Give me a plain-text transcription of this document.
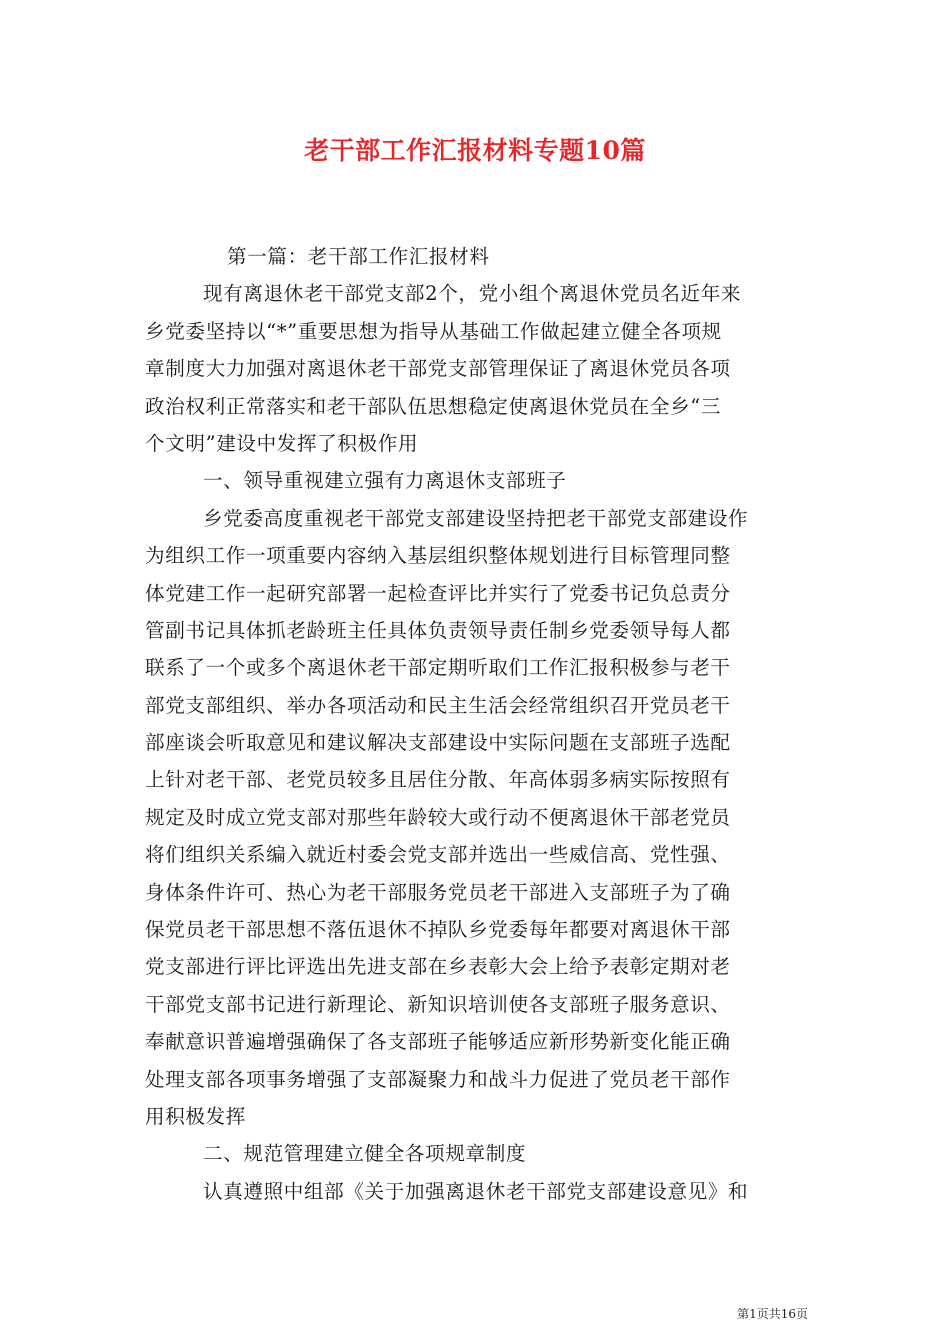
老干部工作汇报材料专题10篇
第一篇：老干部工作汇报材料
现有离退休老干部党支部2个，党小组个离退休党员名近年来
乡党委坚持以“*”重要思想为指导从基础工作做起建立健全各项规
章制度大力加强对离退休老干部党支部管理保证了离退休党员各项
政治权利正常落实和老干部队伍思想稳定使离退休党员在全乡“三
个文明”建设中发挥了积极作用
一、领导重视建立强有力离退休支部班子
乡党委高度重视老干部党支部建设坚持把老干部党支部建设作
为组织工作一项重要内容纳入基层组织整体规划进行目标管理同整
体党建工作一起研究部署一起检查评比并实行了党委书记负总责分
管副书记具体抓老龄班主任具体负责领导责任制乡党委领导每人都
联系了一个或多个离退休老干部定期听取们工作汇报积极参与老干
部党支部组织、举办各项活动和民主生活会经常组织召开党员老干
部座谈会听取意见和建议解决支部建设中实际问题在支部班子选配
上针对老干部、老党员较多且居住分散、年高体弱多病实际按照有
规定及时成立党支部对那些年龄较大或行动不便离退休干部老党员
将们组织关系编入就近村委会党支部并选出一些威信高、党性强、
身体条件许可、热心为老干部服务党员老干部进入支部班子为了确
保党员老干部思想不落伍退休不掉队乡党委每年都要对离退休干部
党支部进行评比评选出先进支部在乡表彰大会上给予表彰定期对老
干部党支部书记进行新理论、新知识培训使各支部班子服务意识、
奉献意识普遍增强确保了各支部班子能够适应新形势新变化能正确
处理支部各项事务增强了支部凝聚力和战斗力促进了党员老干部作
用积极发挥
二、规范管理建立健全各项规章制度
认真遵照中组部《关于加强离退休老干部党支部建设意见》和
第1页共16页
